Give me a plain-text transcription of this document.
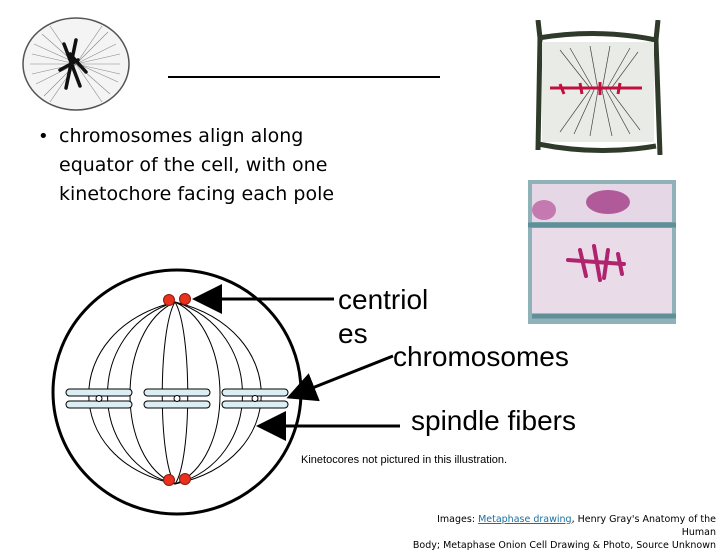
• chromosomes align along
equator of the cell, with one
kinetochore facing each pole
centriol
es
chromosomes
spindle fibers
Kinetocores not pictured in this illustration.
Images: Metaphase drawing, Henry Gray's Anatomy of the Human
Body; Metaphase Onion Cell Drawing & Photo, Source Unknown
